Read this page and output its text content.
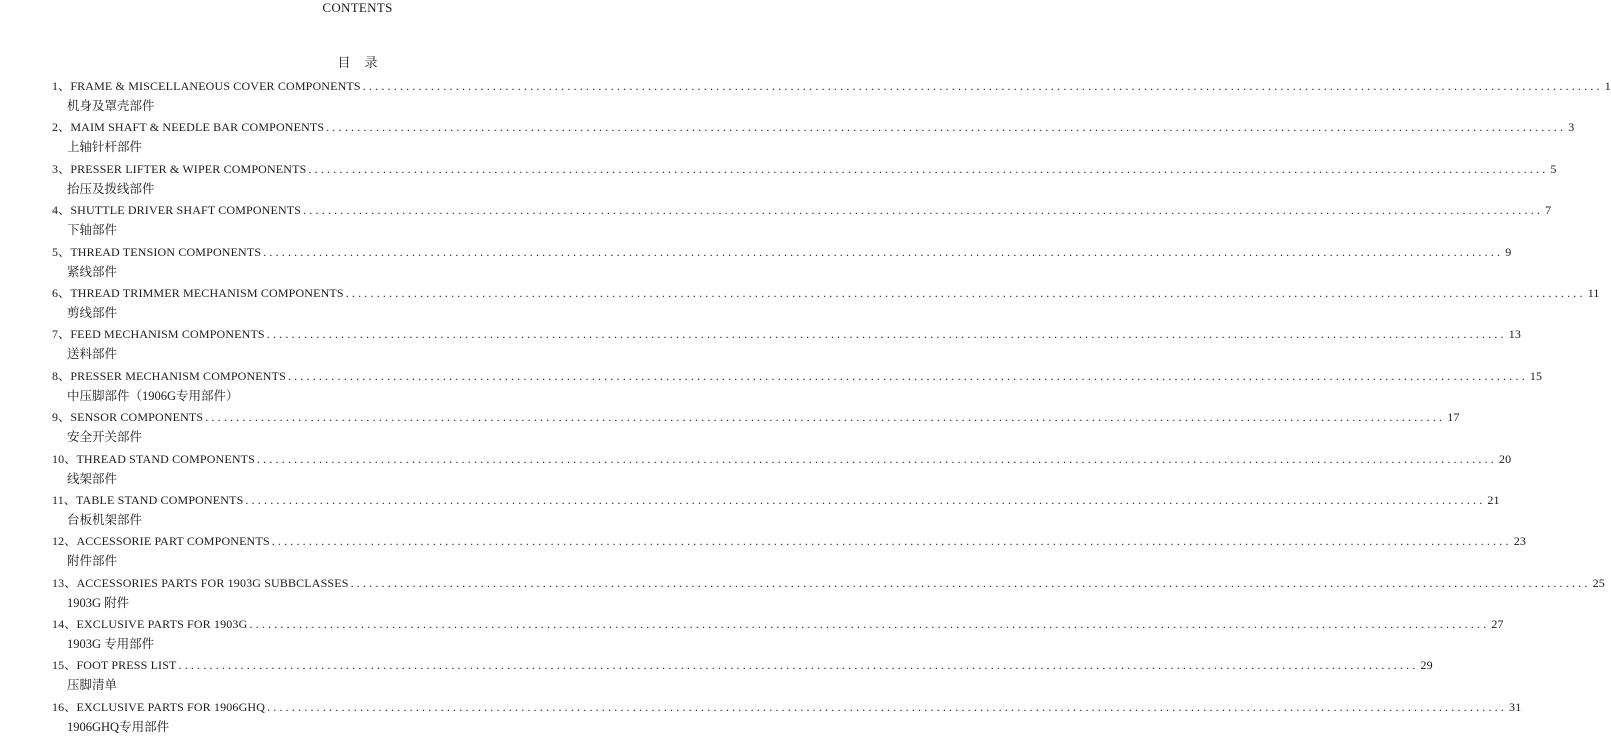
CONTENTS
目录
1、 FRAME & MISCELLANEOUS COVER COMPONENTS ........................................................................................................................................................................................................ 1
机身及罩壳部件
2、 MAIM SHAFT & NEEDLE BAR COMPONENTS ........................................................................................................................................................................................................ 3
上轴针杆部件
3、 PRESSER LIFTER & WIPER COMPONENTS ........................................................................................................................................................................................................ 5
抬压及拨线部件
4、 SHUTTLE DRIVER SHAFT COMPONENTS ........................................................................................................................................................................................................ 7
下轴部件
5、 THREAD TENSION COMPONENTS ........................................................................................................................................................................................................ 9
紧线部件
6、 THREAD TRIMMER MECHANISM COMPONENTS ........................................................................................................................................................................................................ 11
剪线部件
7、 FEED MECHANISM COMPONENTS ........................................................................................................................................................................................................ 13
送料部件
8、 PRESSER MECHANISM COMPONENTS ........................................................................................................................................................................................................ 15
中压脚部件（1906G专用部件）
9、 SENSOR COMPONENTS ........................................................................................................................................................................................................ 17
安全开关部件
10、 THREAD STAND COMPONENTS ........................................................................................................................................................................................................ 20
线架部件
11、 TABLE STAND COMPONENTS ........................................................................................................................................................................................................ 21
台板机架部件
12、 ACCESSORIE PART COMPONENTS ........................................................................................................................................................................................................ 23
附件部件
13、 ACCESSORIES PARTS FOR 1903G SUBBCLASSES ........................................................................................................................................................................................................ 25
1903G 附件
14、 EXCLUSIVE PARTS FOR 1903G ........................................................................................................................................................................................................ 27
1903G 专用部件
15、 FOOT PRESS LIST ........................................................................................................................................................................................................ 29
压脚清单
16、 EXCLUSIVE PARTS FOR 1906GHQ ........................................................................................................................................................................................................ 31
1906GHQ专用部件
